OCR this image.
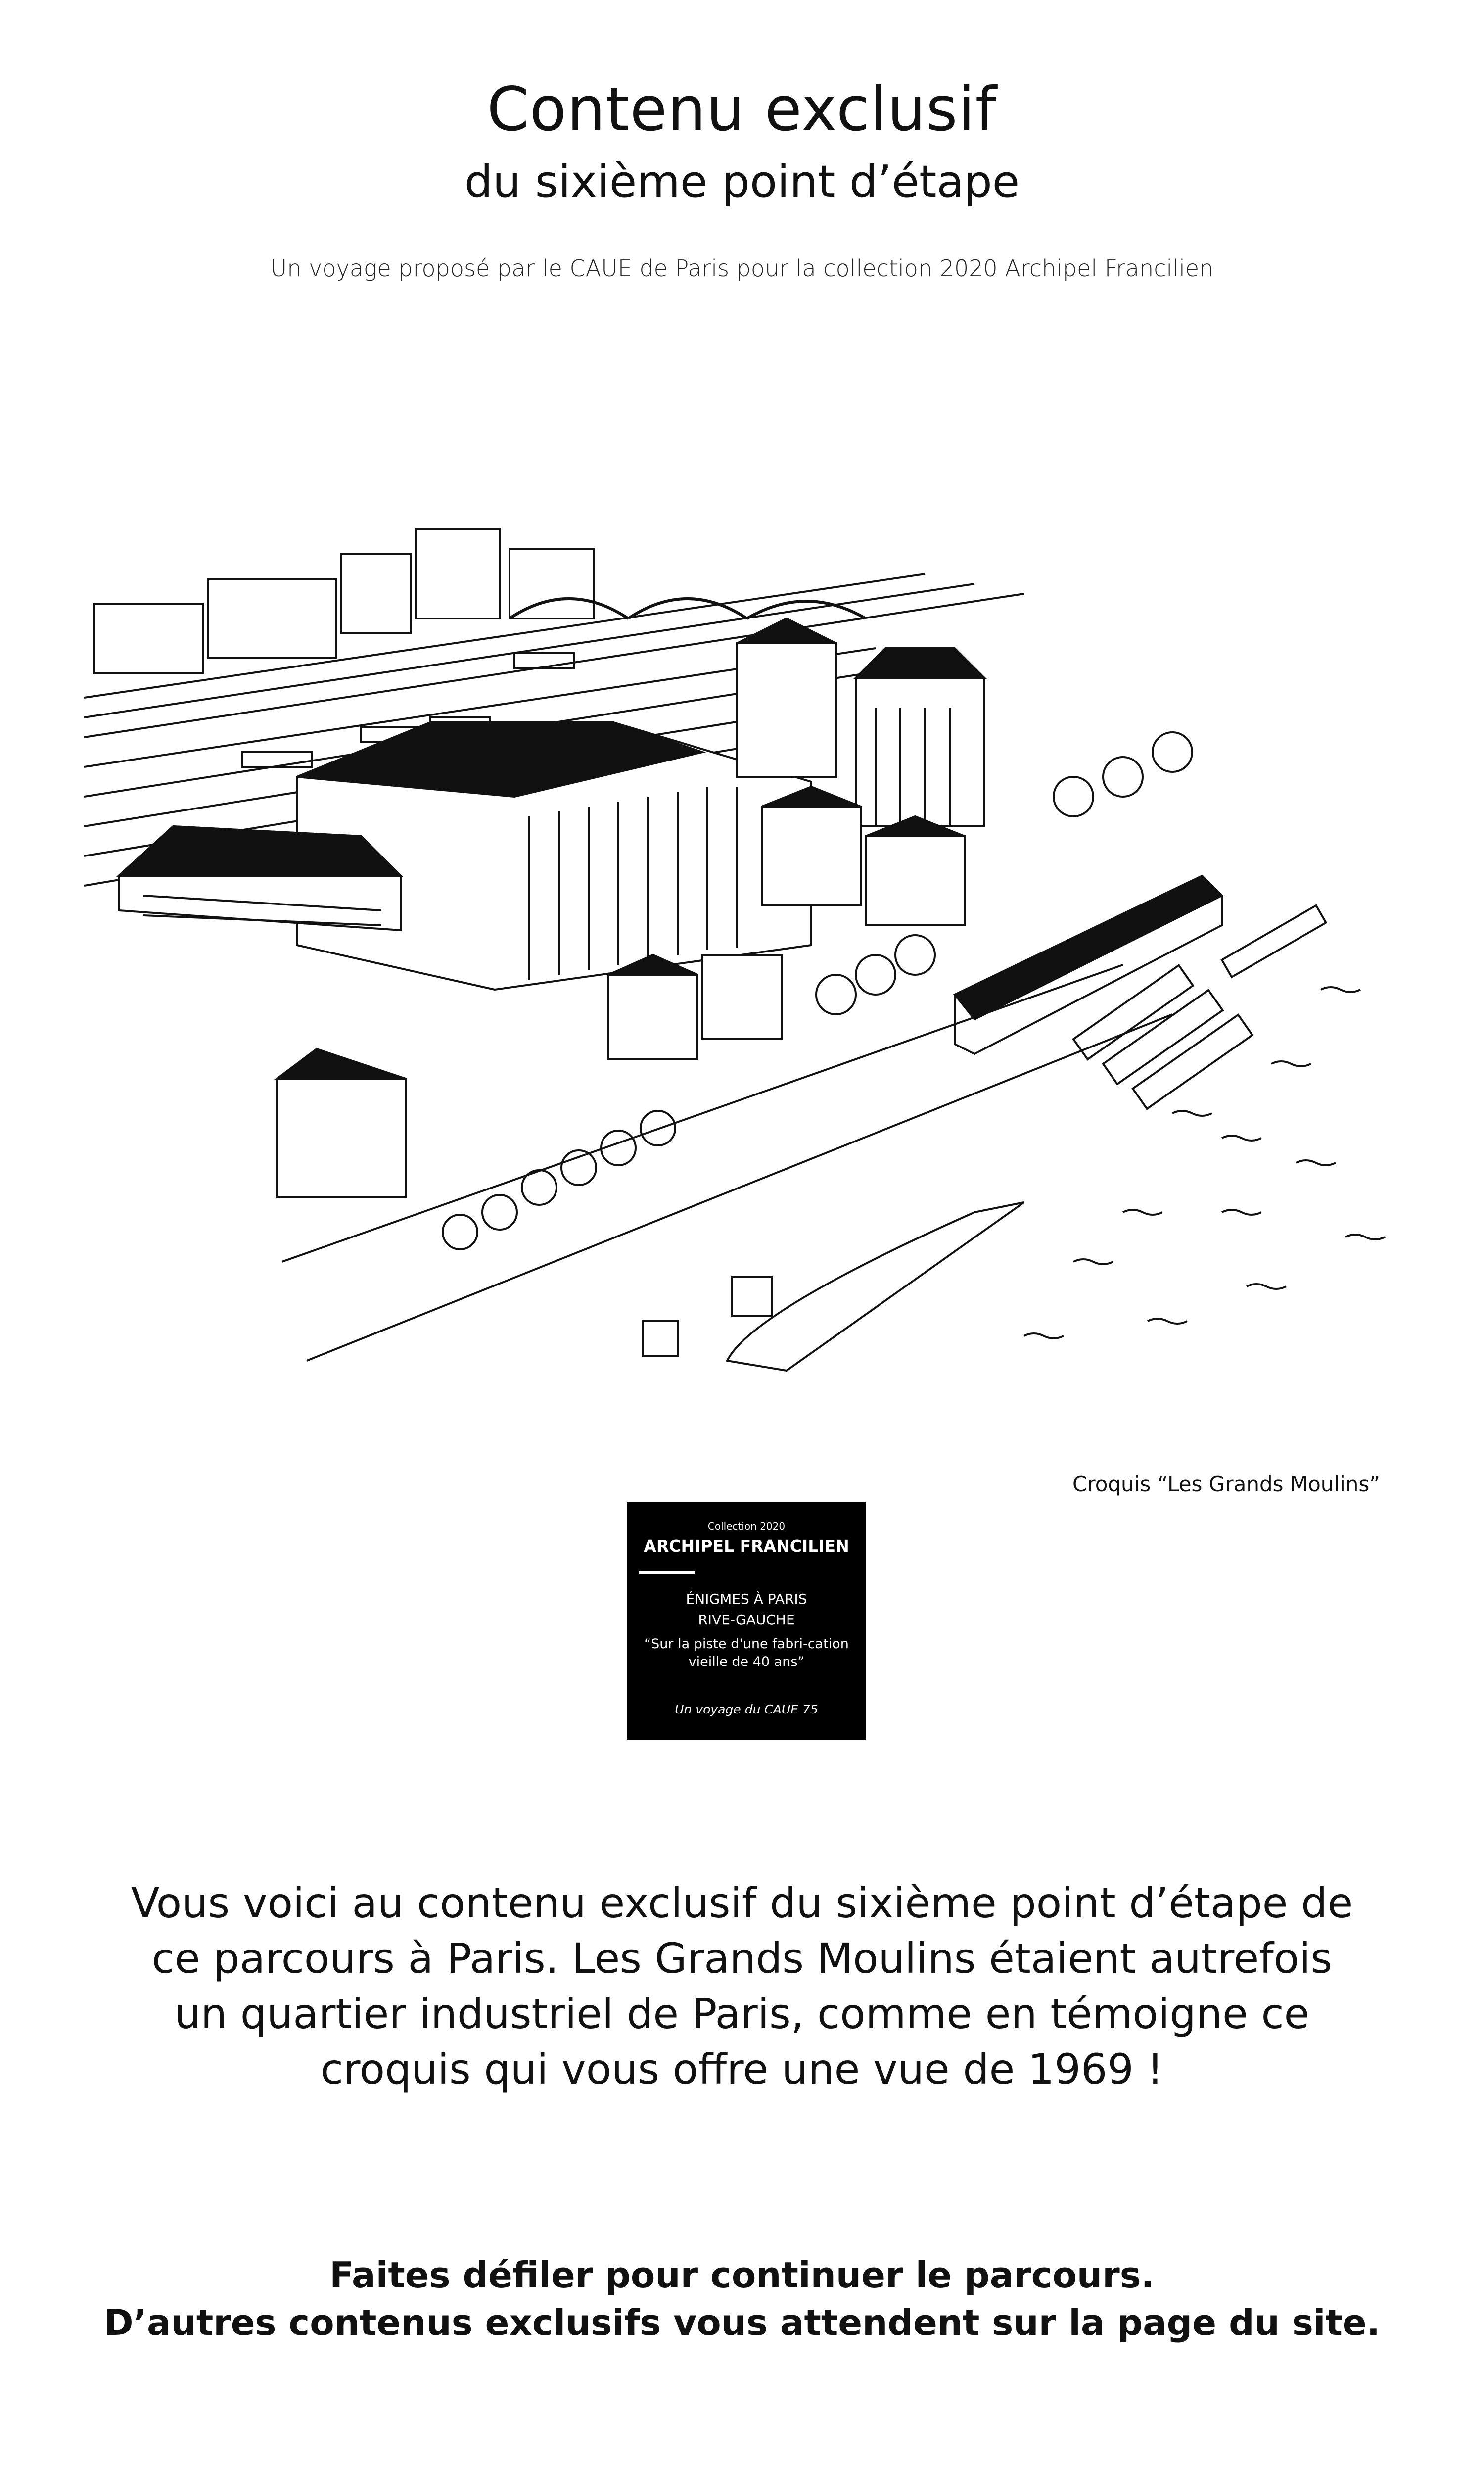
Contenu exclusif
du sixième point d’étape
Un voyage proposé par le CAUE de Paris pour la collection 2020 Archipel Francilien
Croquis “Les Grands Moulins”
Collection 2020
ARCHIPEL FRANCILIEN
ÉNIGMES À PARIS
RIVE-GAUCHE
“Sur la piste d'une fabri-cation vieille de 40 ans”
Un voyage du CAUE 75
Vous voici au contenu exclusif du sixième point d’étape de ce parcours à Paris. Les Grands Moulins étaient autrefois un quartier industriel de Paris, comme en témoigne ce croquis qui vous offre une vue de 1969 !
Faites défiler pour continuer le parcours.
D’autres contenus exclusifs vous attendent sur la page du site.
